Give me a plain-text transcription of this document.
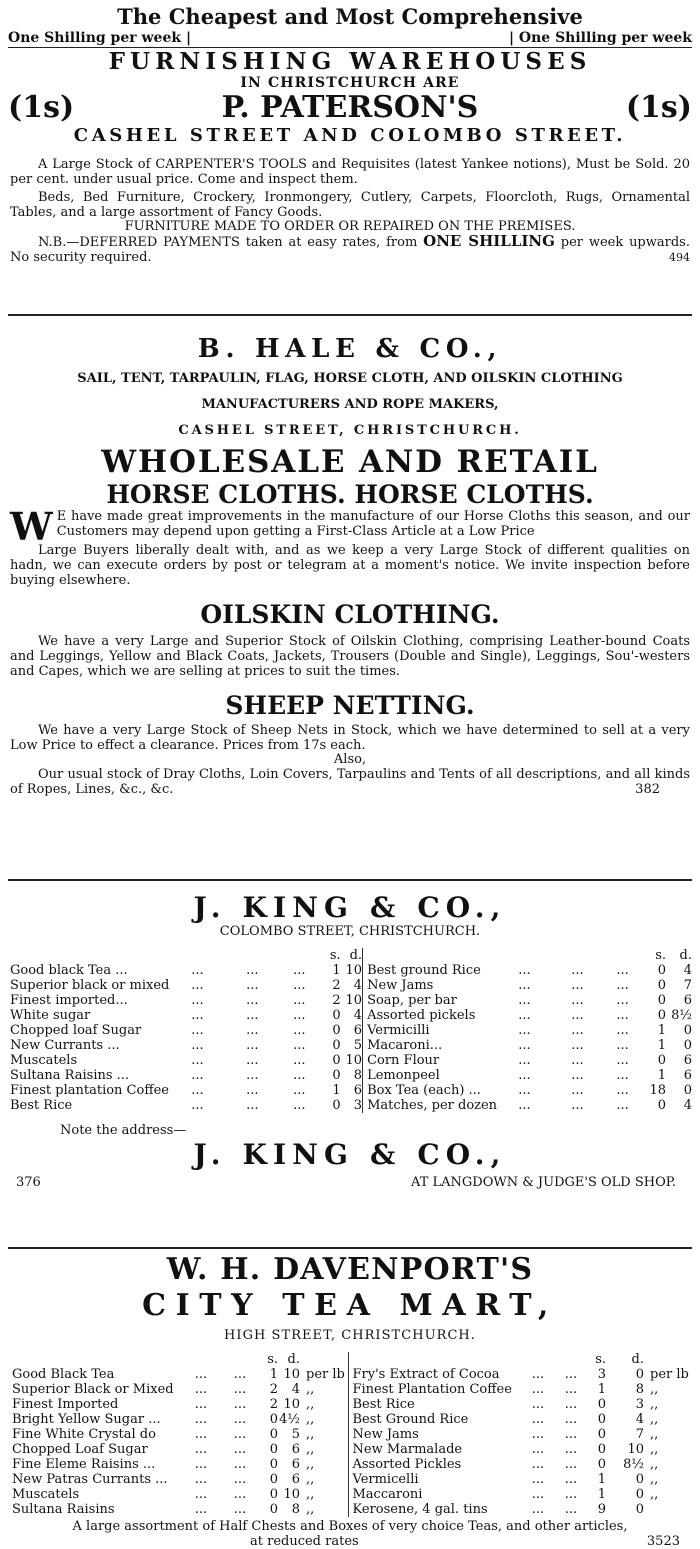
The Cheapest and Most Comprehensive
One Shilling per week |	| One Shilling per week
FURNISHING WAREHOUSES
IN CHRISTCHURCH ARE
(1s)	P. PATERSON'S	(1s)
CASHEL STREET AND COLOMBO STREET.

A Large Stock of CARPENTER'S TOOLS and Requisites (latest Yankee notions), Must be Sold. 20 per cent. under usual price. Come and inspect them.

Beds, Bed Furniture, Crockery, Ironmongery, Cutlery, Carpets, Floorcloth, Rugs, Ornamental Tables, and a large assortment of Fancy Goods.

FURNITURE MADE TO ORDER OR REPAIRED ON THE PREMISES.

N.B.—DEFERRED PAYMENTS taken at easy rates, from ONE SHILLING per week upwards. No security required.	494

B. HALE & CO.,
SAIL, TENT, TARPAULIN, FLAG, HORSE CLOTH, AND OILSKIN CLOTHING
MANUFACTURERS AND ROPE MAKERS,
CASHEL STREET, CHRISTCHURCH.
WHOLESALE AND RETAIL
HORSE CLOTHS. HORSE CLOTHS.
W E have made great improvements in the manufacture of our Horse Cloths this season, and our Customers may depend upon getting a First-Class Article at a Low Price

Large Buyers liberally dealt with, and as we keep a very Large Stock of different qualities on hadn, we can execute orders by post or telegram at a moment's notice. We invite inspection before buying elsewhere.

OILSKIN CLOTHING.

We have a very Large and Superior Stock of Oilskin Clothing, comprising Leather-bound Coats and Leggings, Yellow and Black Coats, Jackets, Trousers (Double and Single), Leggings, Sou'-westers and Capes, which we are selling at prices to suit the times.

SHEEP NETTING.

We have a very Large Stock of Sheep Nets in Stock, which we have determined to sell at a very Low Price to effect a clearance. Prices from 17s each.

Also,

Our usual stock of Dray Cloths, Loin Covers, Tarpaulins and Tents of all descriptions, and all kinds of Ropes, Lines, &c., &c.	382

J. KING & CO.,
COLOMBO STREET, CHRISTCHURCH.
				s.	d.					s.	d.
Good black Tea ...	...	...	...	1	10	Best ground Rice	...	...	...	0	4
Superior black or mixed	...	...	...	2	4	New Jams	...	...	...	0	7
Finest imported...	...	...	...	2	10	Soap, per bar	...	...	...	0	6
White sugar	...	...	...	0	4	Assorted pickels	...	...	...	0	8½
Chopped loaf Sugar	...	...	...	0	6	Vermicilli	...	...	...	1	0
New Currants ...	...	...	...	0	5	Macaroni...	...	...	...	1	0
Muscatels	...	...	...	0	10	Corn Flour	...	...	...	0	6
Sultana Raisins ...	...	...	...	0	8	Lemonpeel	...	...	...	1	6
Finest plantation Coffee	...	...	...	1	6	Box Tea (each) ...	...	...	...	18	0
Best Rice	...	...	...	0	3	Matches, per dozen	...	...	...	0	4
Note the address—
J. KING & CO.,
376	AT LANGDOWN & JUDGE'S OLD SHOP.
W. H. DAVENPORT'S
CITY TEA MART,
HIGH STREET, CHRISTCHURCH.
			s.	d.					s.	d.	
Good Black Tea	...	...	1	10	per lb	Fry's Extract of Cocoa	...	...	3	0	per lb
Superior Black or Mixed	...	...	2	4	,,	Finest Plantation Coffee	...	...	1	8	,,
Finest Imported	...	...	2	10	,,	Best Rice	...	...	0	3	,,
Bright Yellow Sugar ...	...	...	0	4½	,,	Best Ground Rice	...	...	0	4	,,
Fine White Crystal do	...	...	0	5	,,	New Jams	...	...	0	7	,,
Chopped Loaf Sugar	...	...	0	6	,,	New Marmalade	...	...	0	10	,,
Fine Eleme Raisins ...	...	...	0	6	,,	Assorted Pickles	...	...	0	8½	,,
New Patras Currants ...	...	...	0	6	,,	Vermicelli	...	...	1	0	,,
Muscatels	...	...	0	10	,,	Maccaroni	...	...	1	0	,,
Sultana Raisins	...	...	0	8	,,	Kerosene, 4 gal. tins	...	...	9	0	
A large assortment of Half Chests and Boxes of very choice Teas, and other articles,
at reduced rates	3523
